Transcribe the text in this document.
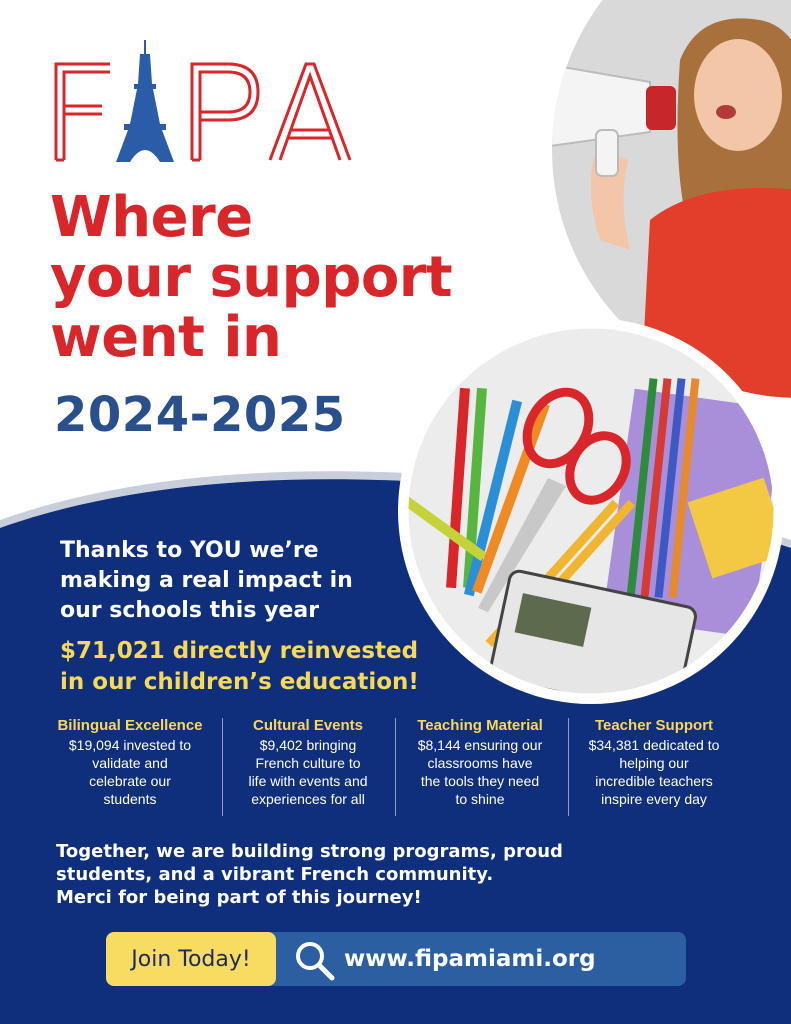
Where
your support
went in
2024-2025
Thanks to YOU we’re
making a real impact in
our schools this year
$71,021 directly reinvested
in our children’s education!
Bilingual Excellence
$19,094 invested to
validate and
celebrate our
students
Cultural Events
$9,402 bringing
French culture to
life with events and
experiences for all
Teaching Material
$8,144 ensuring our
classrooms have
the tools they need
to shine
Teacher Support
$34,381 dedicated to
helping our
incredible teachers
inspire every day
Together, we are building strong programs, proud
students, and a vibrant French community.
Merci for being part of this journey!
Join Today!	www.fipamiami.org
